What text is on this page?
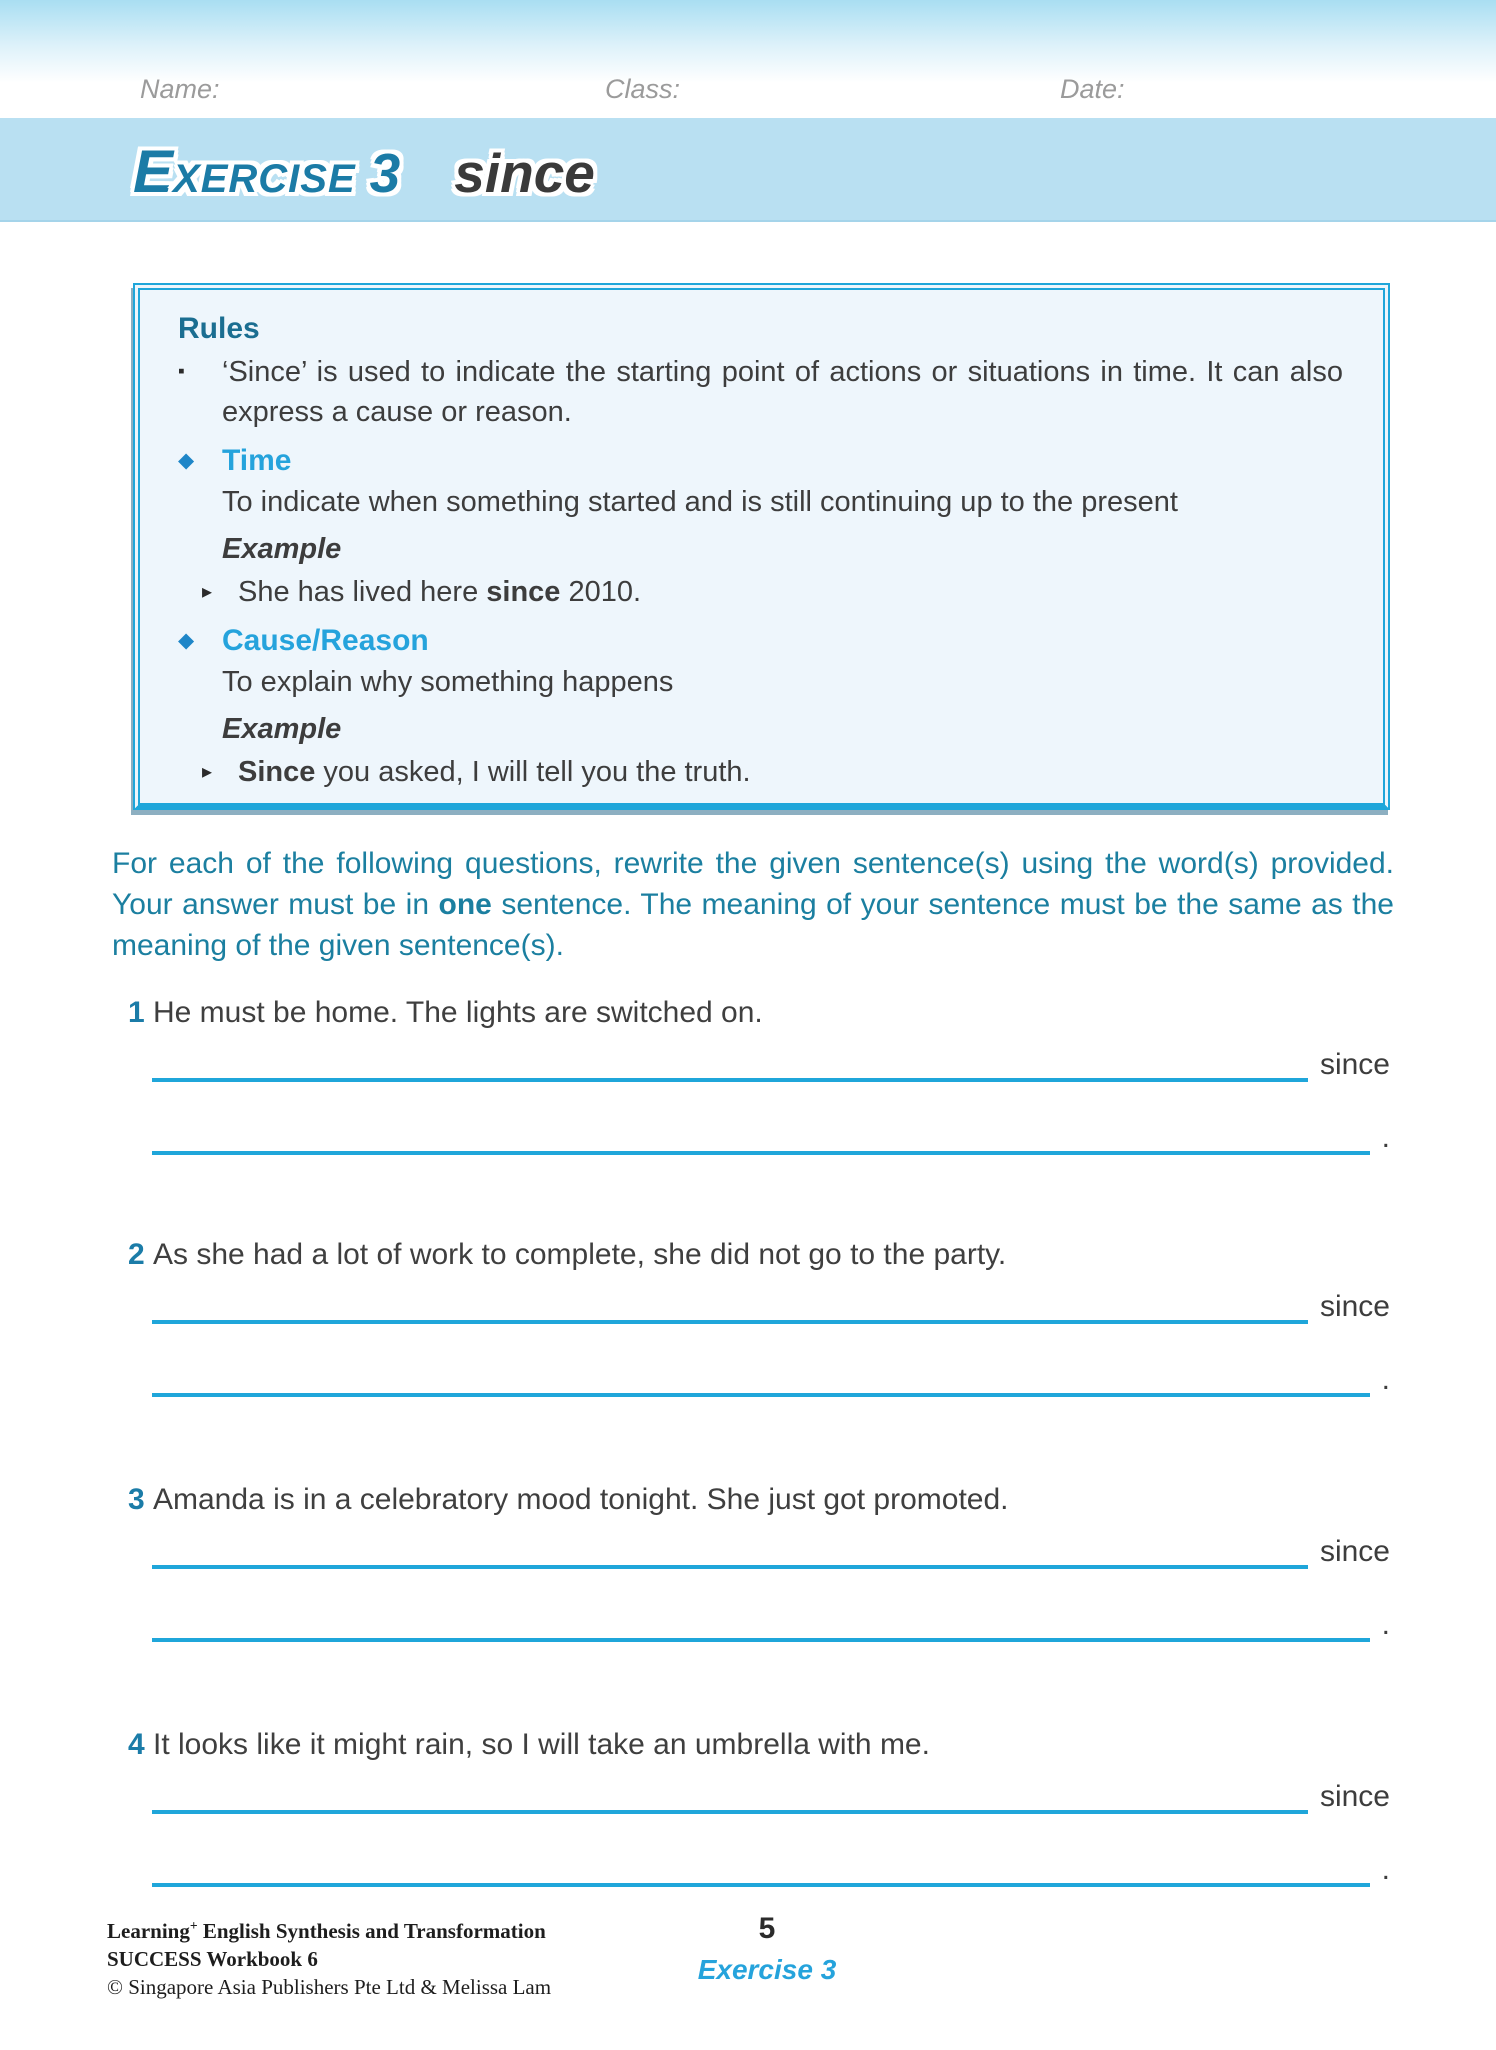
Name:	Class:	Date:
E XERCISE 3 since
Rules
▪	‘Since’ is used to indicate the starting point of actions or situations in time. It can also express a cause or reason.
◆ Time
To indicate when something started and is still continuing up to the present
Example
▸ She has lived here since 2010.
◆ Cause/Reason
To explain why something happens
Example
▸ Since you asked, I will tell you the truth.
For each of the following questions, rewrite the given sentence(s) using the word(s) provided. Your answer must be in one sentence. The meaning of your sentence must be the same as the meaning of the given sentence(s).
1 He must be home. The lights are switched on.
since
.
2 As she had a lot of work to complete, she did not go to the party.
since
.
3 Amanda is in a celebratory mood tonight. She just got promoted.
since
.
4 It looks like it might rain, so I will take an umbrella with me.
since
.
Learning+ English Synthesis and Transformation
SUCCESS Workbook 6
© Singapore Asia Publishers Pte Ltd & Melissa Lam
5
Exercise 3
